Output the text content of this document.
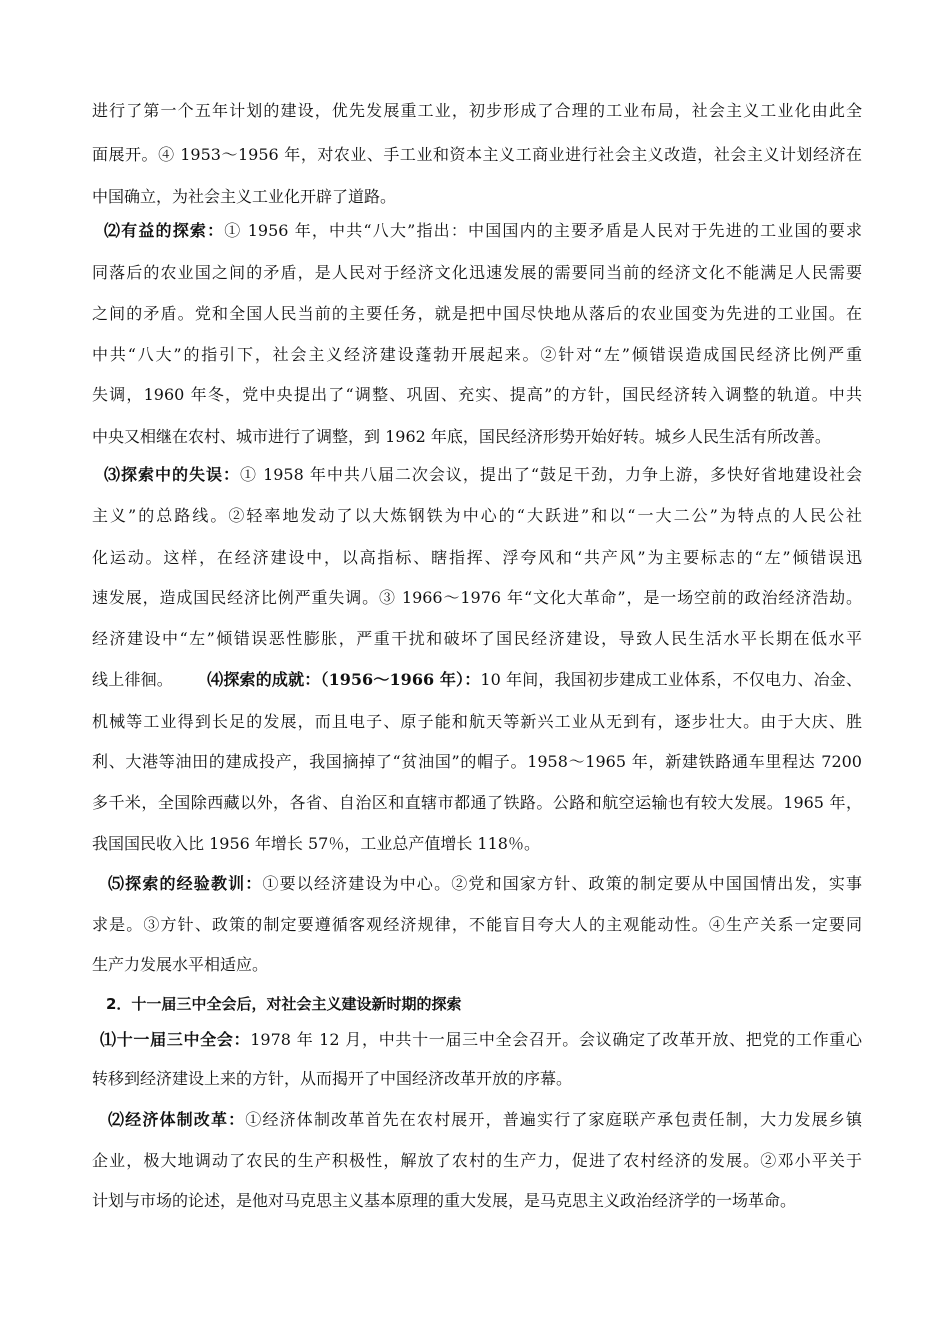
进行了第一个五年计划的建设，优先发展重工业，初步形成了合理的工业布局，社会主义工业化由此全
面展开。④ 1953～1956 年，对农业、手工业和资本主义工商业进行社会主义改造，社会主义计划经济在
中国确立，为社会主义工业化开辟了道路。
⑵有益的探索：① 1956 年，中共“八大”指出：中国国内的主要矛盾是人民对于先进的工业国的要求
同落后的农业国之间的矛盾，是人民对于经济文化迅速发展的需要同当前的经济文化不能满足人民需要
之间的矛盾。党和全国人民当前的主要任务，就是把中国尽快地从落后的农业国变为先进的工业国。在
中共“八大”的指引下，社会主义经济建设蓬勃开展起来。②针对“左”倾错误造成国民经济比例严重
失调，1960 年冬，党中央提出了“调整、巩固、充实、提高”的方针，国民经济转入调整的轨道。中共
中央又相继在农村、城市进行了调整，到 1962 年底，国民经济形势开始好转。城乡人民生活有所改善。
⑶探索中的失误：① 1958 年中共八届二次会议，提出了“鼓足干劲，力争上游，多快好省地建设社会
主义”的总路线。②轻率地发动了以大炼钢铁为中心的“大跃进”和以“一大二公”为特点的人民公社
化运动。这样，在经济建设中，以高指标、瞎指挥、浮夸风和“共产风”为主要标志的“左”倾错误迅
速发展，造成国民经济比例严重失调。③ 1966～1976 年“文化大革命”，是一场空前的政治经济浩劫。
经济建设中“左”倾错误恶性膨胀，严重干扰和破坏了国民经济建设，导致人民生活水平长期在低水平
线上徘徊。 ⑷探索的成就：（1956～1966 年）：10 年间，我国初步建成工业体系，不仅电力、冶金、
机械等工业得到长足的发展，而且电子、原子能和航天等新兴工业从无到有，逐步壮大。由于大庆、胜
利、大港等油田的建成投产，我国摘掉了“贫油国”的帽子。1958～1965 年，新建铁路通车里程达 7200
多千米，全国除西藏以外，各省、自治区和直辖市都通了铁路。公路和航空运输也有较大发展。1965 年，
我国国民收入比 1956 年增长 57％，工业总产值增长 118％。
⑸探索的经验教训：①要以经济建设为中心。②党和国家方针、政策的制定要从中国国情出发，实事
求是。③方针、政策的制定要遵循客观经济规律，不能盲目夸大人的主观能动性。④生产关系一定要同
生产力发展水平相适应。
2．十一届三中全会后，对社会主义建设新时期的探索
⑴十一届三中全会：1978 年 12 月，中共十一届三中全会召开。会议确定了改革开放、把党的工作重心
转移到经济建设上来的方针，从而揭开了中国经济改革开放的序幕。
⑵经济体制改革：①经济体制改革首先在农村展开，普遍实行了家庭联产承包责任制，大力发展乡镇
企业，极大地调动了农民的生产积极性，解放了农村的生产力，促进了农村经济的发展。②邓小平关于
计划与市场的论述，是他对马克思主义基本原理的重大发展，是马克思主义政治经济学的一场革命。
